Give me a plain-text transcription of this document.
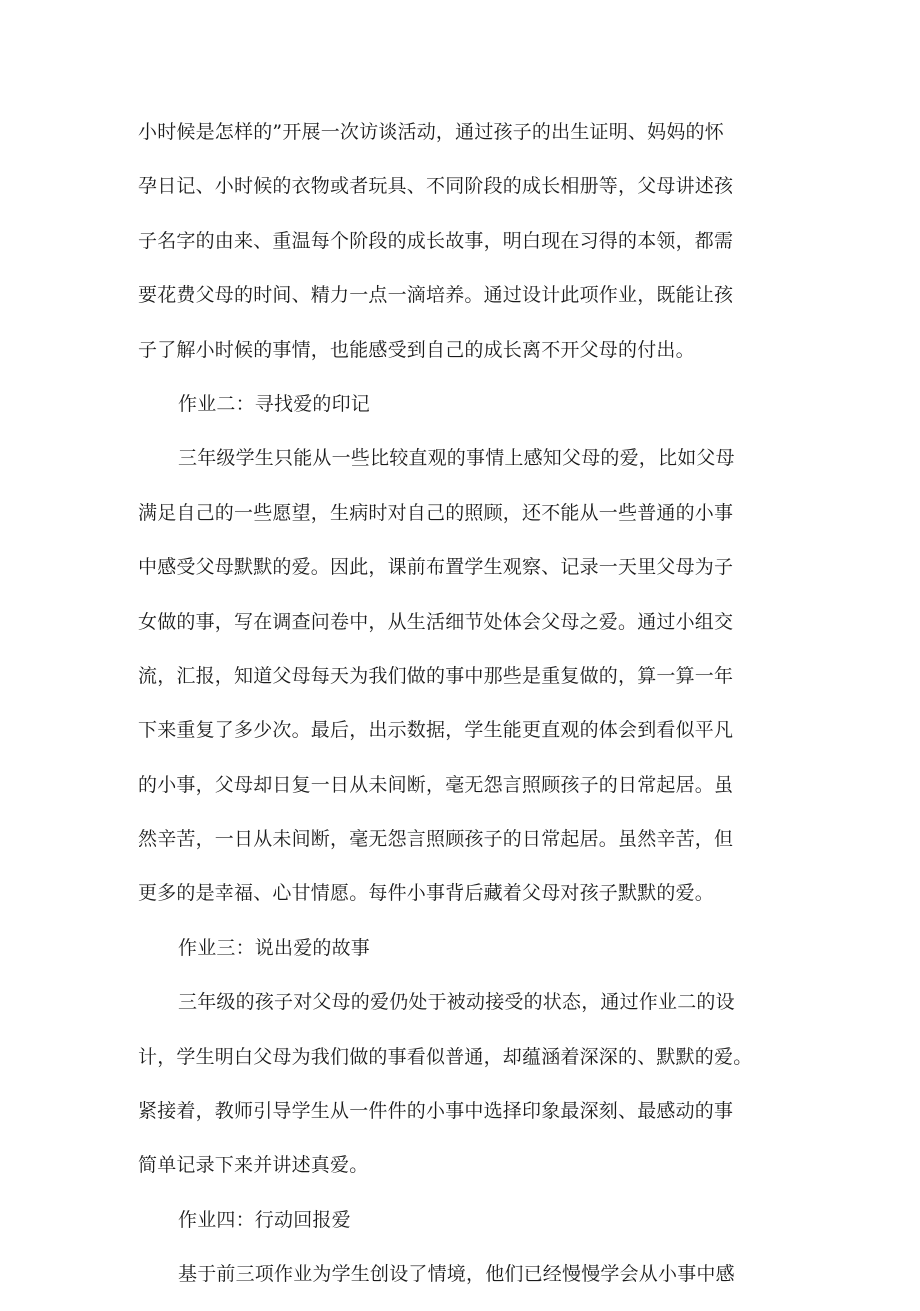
小时候是怎样的”开展一次访谈活动，通过孩子的出生证明、妈妈的怀
孕日记、小时候的衣物或者玩具、不同阶段的成长相册等，父母讲述孩
子名字的由来、重温每个阶段的成长故事，明白现在习得的本领，都需
要花费父母的时间、精力一点一滴培养。通过设计此项作业，既能让孩
子了解小时候的事情，也能感受到自己的成长离不开父母的付出。
作业二：寻找爱的印记
三年级学生只能从一些比较直观的事情上感知父母的爱，比如父母
满足自己的一些愿望，生病时对自己的照顾，还不能从一些普通的小事
中感受父母默默的爱。因此，课前布置学生观察、记录一天里父母为子
女做的事，写在调查问卷中，从生活细节处体会父母之爱。通过小组交
流，汇报，知道父母每天为我们做的事中那些是重复做的，算一算一年
下来重复了多少次。最后，出示数据，学生能更直观的体会到看似平凡
的小事，父母却日复一日从未间断，毫无怨言照顾孩子的日常起居。虽
然辛苦，一日从未间断，毫无怨言照顾孩子的日常起居。虽然辛苦，但
更多的是幸福、心甘情愿。每件小事背后藏着父母对孩子默默的爱。
作业三：说出爱的故事
三年级的孩子对父母的爱仍处于被动接受的状态，通过作业二的设
计，学生明白父母为我们做的事看似普通，却蕴涵着深深的、默默的爱。
紧接着，教师引导学生从一件件的小事中选择印象最深刻、最感动的事
简单记录下来并讲述真爱。
作业四：行动回报爱
基于前三项作业为学生创设了情境，他们已经慢慢学会从小事中感
